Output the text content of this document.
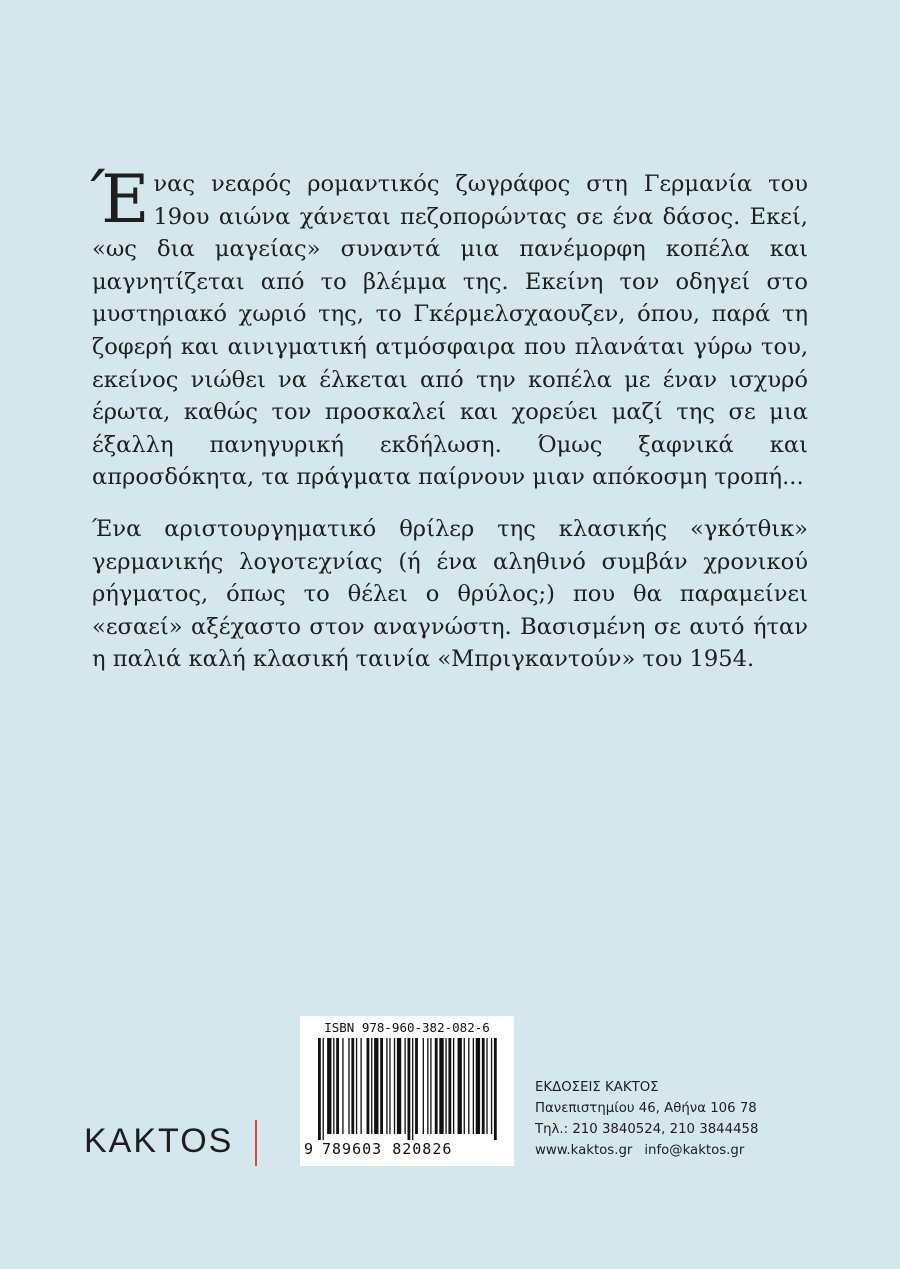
Ένας νεαρός ρομαντικός ζωγράφος στη Γερμανία του 19ου αιώνα χάνεται πεζοπορώντας σε ένα δάσος. Εκεί, «ως δια μαγείας» συναντά μια πανέμορφη κοπέλα και μαγνητίζεται από το βλέμμα της. Εκείνη τον οδηγεί στο μυστηριακό χωριό της, το Γκέρμελσχαουζεν, όπου, παρά τη ζοφερή και αινιγματική ατμόσφαιρα που πλανάται γύρω του, εκείνος νιώθει να έλκεται από την κοπέλα με έναν ισχυρό έρωτα, καθώς τον προσκαλεί και χορεύει μαζί της σε μια έξαλλη πανηγυρική εκδήλωση. Όμως ξαφνικά και απροσδόκητα, τα πράγματα παίρνουν μιαν απόκοσμη τροπή...

Ένα αριστουργηματικό θρίλερ της κλασικής «γκότθικ» γερμανικής λογοτεχνίας (ή ένα αληθινό συμβάν χρονικού ρήγματος, όπως το θέλει ο θρύλος;) που θα παραμείνει «εσαεί» αξέχαστο στον αναγνώστη. Βασισμένη σε αυτό ήταν η παλιά καλή κλασική ταινία «Μπριγκαντούν» του 1954.

KAKTOS
ISBN 978-960-382-082-6
9 789603 820826
ΕΚΔΟΣΕΙΣ ΚΑΚΤΟΣ
Πανεπιστημίου 46, Αθήνα 106 78
Τηλ.: 210 3840524, 210 3844458
www.kaktos.gr info@kaktos.gr
